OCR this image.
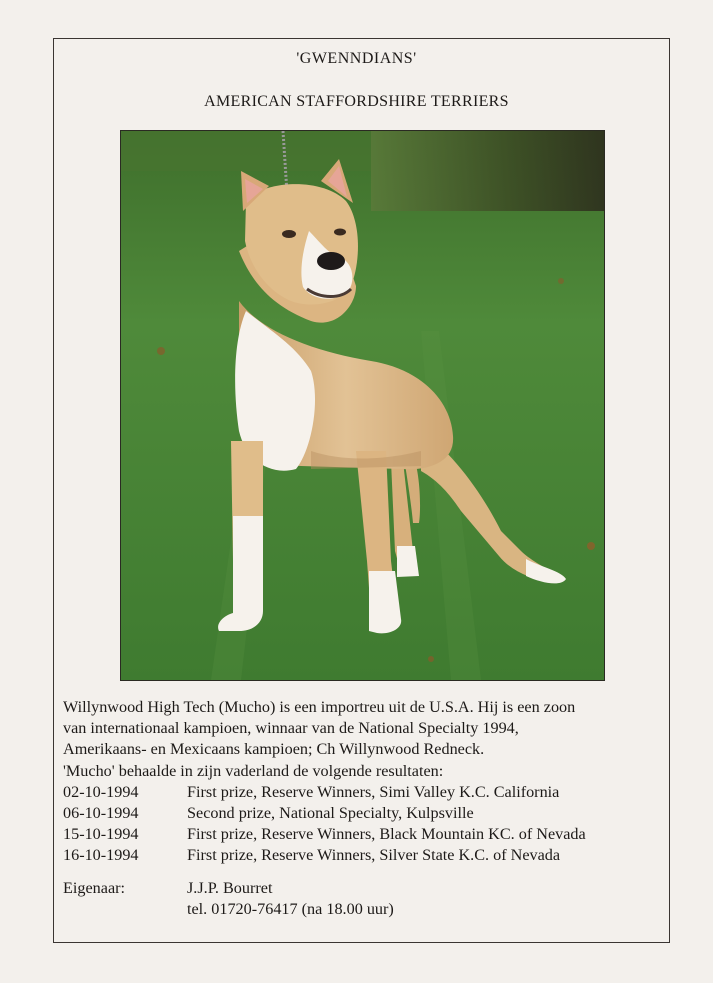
'GWENNDIANS'
AMERICAN STAFFORDSHIRE TERRIERS

Willynwood High Tech (Mucho) is een importreu uit de U.S.A. Hij is een zoon
van internationaal kampioen, winnaar van de National Specialty 1994,
Amerikaans- en Mexicaans kampioen; Ch Willynwood Redneck.
'Mucho' behaalde in zijn vaderland de volgende resultaten:

02-10-1994	First prize, Reserve Winners, Simi Valley K.C. California
06-10-1994	Second prize, National Specialty, Kulpsville
15-10-1994	First prize, Reserve Winners, Black Mountain KC. of Nevada
16-10-1994	First prize, Reserve Winners, Silver State K.C. of Nevada
Eigenaar:	J.J.P. Bourret
tel. 01720-76417 (na 18.00 uur)
